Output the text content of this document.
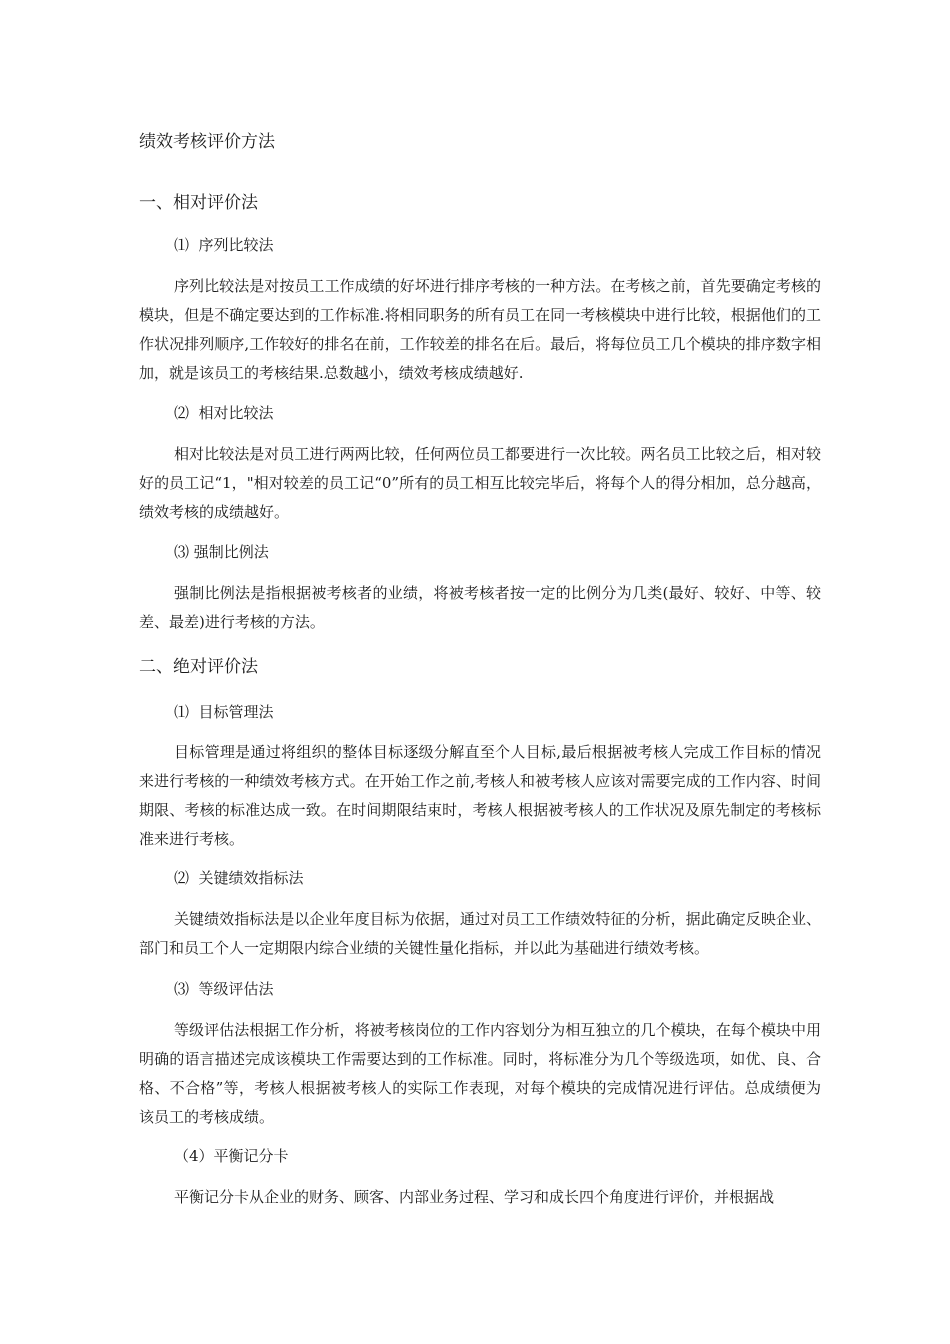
绩效考核评价方法
一、相对评价法
⑴  序列比较法

序列比较法是对按员工工作成绩的好坏进行排序考核的一种方法。在考核之前，首先要确定考核的模块，但是不确定要达到的工作标准.将相同职务的所有员工在同一考核模块中进行比较，根据他们的工作状况排列顺序,工作较好的排名在前，工作较差的排名在后。最后，将每位员工几个模块的排序数字相加，就是该员工的考核结果.总数越小，绩效考核成绩越好.

⑵  相对比较法

相对比较法是对员工进行两两比较，任何两位员工都要进行一次比较。两名员工比较之后，相对较好的员工记“1，"相对较差的员工记“0”所有的员工相互比较完毕后，将每个人的得分相加，总分越高，绩效考核的成绩越好。

⑶ 强制比例法

强制比例法是指根据被考核者的业绩，将被考核者按一定的比例分为几类(最好、较好、中等、较差、最差)进行考核的方法。

二、绝对评价法
⑴  目标管理法

目标管理是通过将组织的整体目标逐级分解直至个人目标,最后根据被考核人完成工作目标的情况来进行考核的一种绩效考核方式。在开始工作之前,考核人和被考核人应该对需要完成的工作内容、时间期限、考核的标准达成一致。在时间期限结束时，考核人根据被考核人的工作状况及原先制定的考核标准来进行考核。

⑵  关键绩效指标法

关键绩效指标法是以企业年度目标为依据，通过对员工工作绩效特征的分析，据此确定反映企业、部门和员工个人一定期限内综合业绩的关键性量化指标，并以此为基础进行绩效考核。

⑶  等级评估法

等级评估法根据工作分析，将被考核岗位的工作内容划分为相互独立的几个模块，在每个模块中用明确的语言描述完成该模块工作需要达到的工作标准。同时，将标准分为几个等级选项，如优、良、合格、不合格”等，考核人根据被考核人的实际工作表现，对每个模块的完成情况进行评估。总成绩便为该员工的考核成绩。

（4）平衡记分卡

平衡记分卡从企业的财务、顾客、内部业务过程、学习和成长四个角度进行评价，并根据战
